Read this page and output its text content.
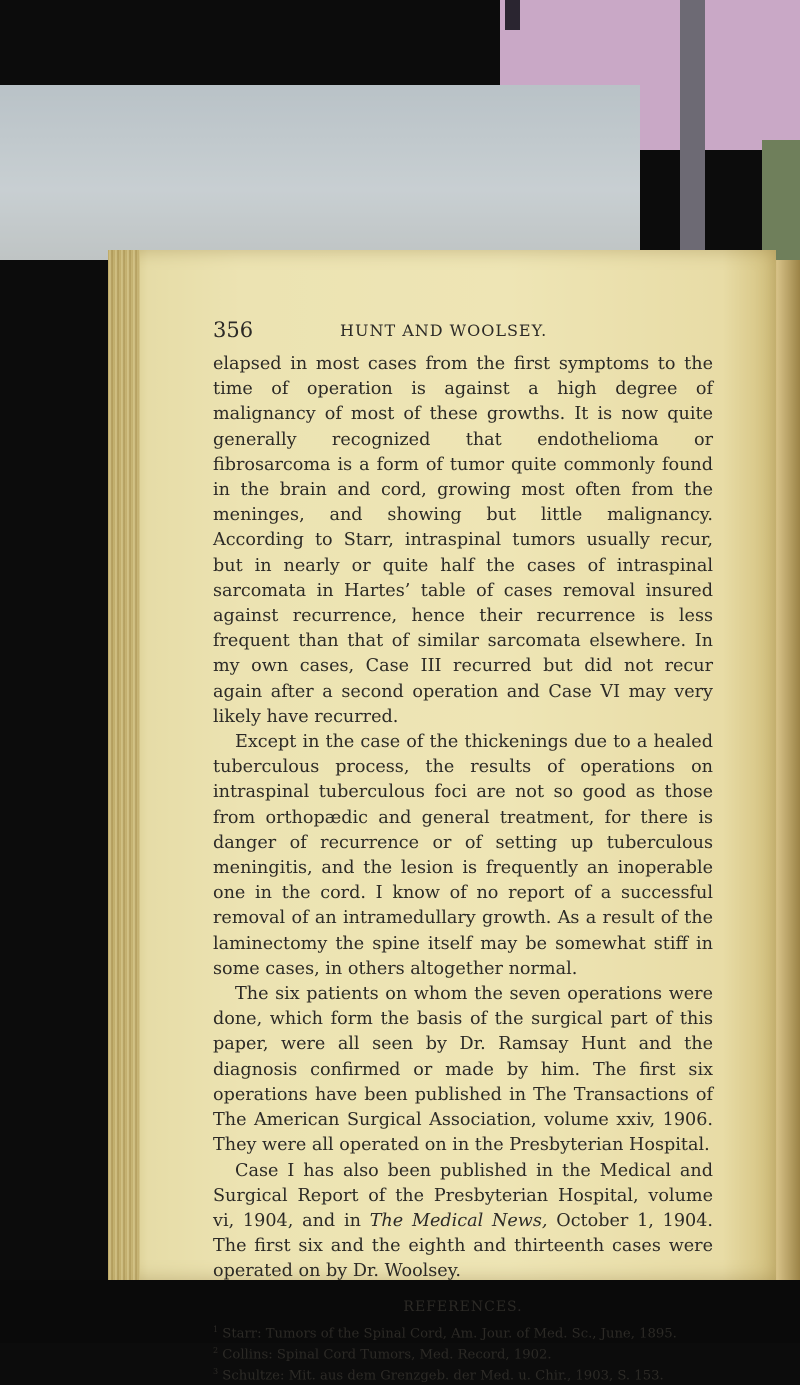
356	HUNT AND WOOLSEY.

elapsed in most cases from the first symptoms to the time of operation is against a high degree of malignancy of most of these growths. It is now quite generally recognized that endothelioma or fibrosarcoma is a form of tumor quite commonly found in the brain and cord, growing most often from the meninges, and showing but little malignancy. According to Starr, intraspinal tumors usually recur, but in nearly or quite half the cases of intraspinal sarcomata in Hartes’ table of cases removal insured against recurrence, hence their recurrence is less frequent than that of similar sarcomata elsewhere. In my own cases, Case III recurred but did not recur again after a second operation and Case VI may very likely have recurred.

Except in the case of the thickenings due to a healed tuberculous process, the results of operations on intraspinal tuberculous foci are not so good as those from orthopædic and general treatment, for there is danger of recurrence or of setting up tuberculous meningitis, and the lesion is frequently an inoperable one in the cord. I know of no report of a successful removal of an intramedullary growth. As a result of the laminectomy the spine itself may be somewhat stiff in some cases, in others altogether normal.

The six patients on whom the seven operations were done, which form the basis of the surgical part of this paper, were all seen by Dr. Ramsay Hunt and the diagnosis confirmed or made by him. The first six operations have been published in The Transactions of The American Surgical Association, volume xxiv, 1906. They were all operated on in the Presbyterian Hospital.

Case I has also been published in the Medical and Surgical Report of the Presbyterian Hospital, volume vi, 1904, and in The Medical News, October 1, 1904. The first six and the eighth and thirteenth cases were operated on by Dr. Woolsey.

REFERENCES.

$^1$ Starr: Tumors of the Spinal Cord, Am. Jour. of Med. Sc., June, 1895.

$^2$ Collins: Spinal Cord Tumors, Med. Record, 1902.

$^3$ Schultze: Mit. aus dem Grenzgeb. der Med. u. Chir., 1903, S. 153.
